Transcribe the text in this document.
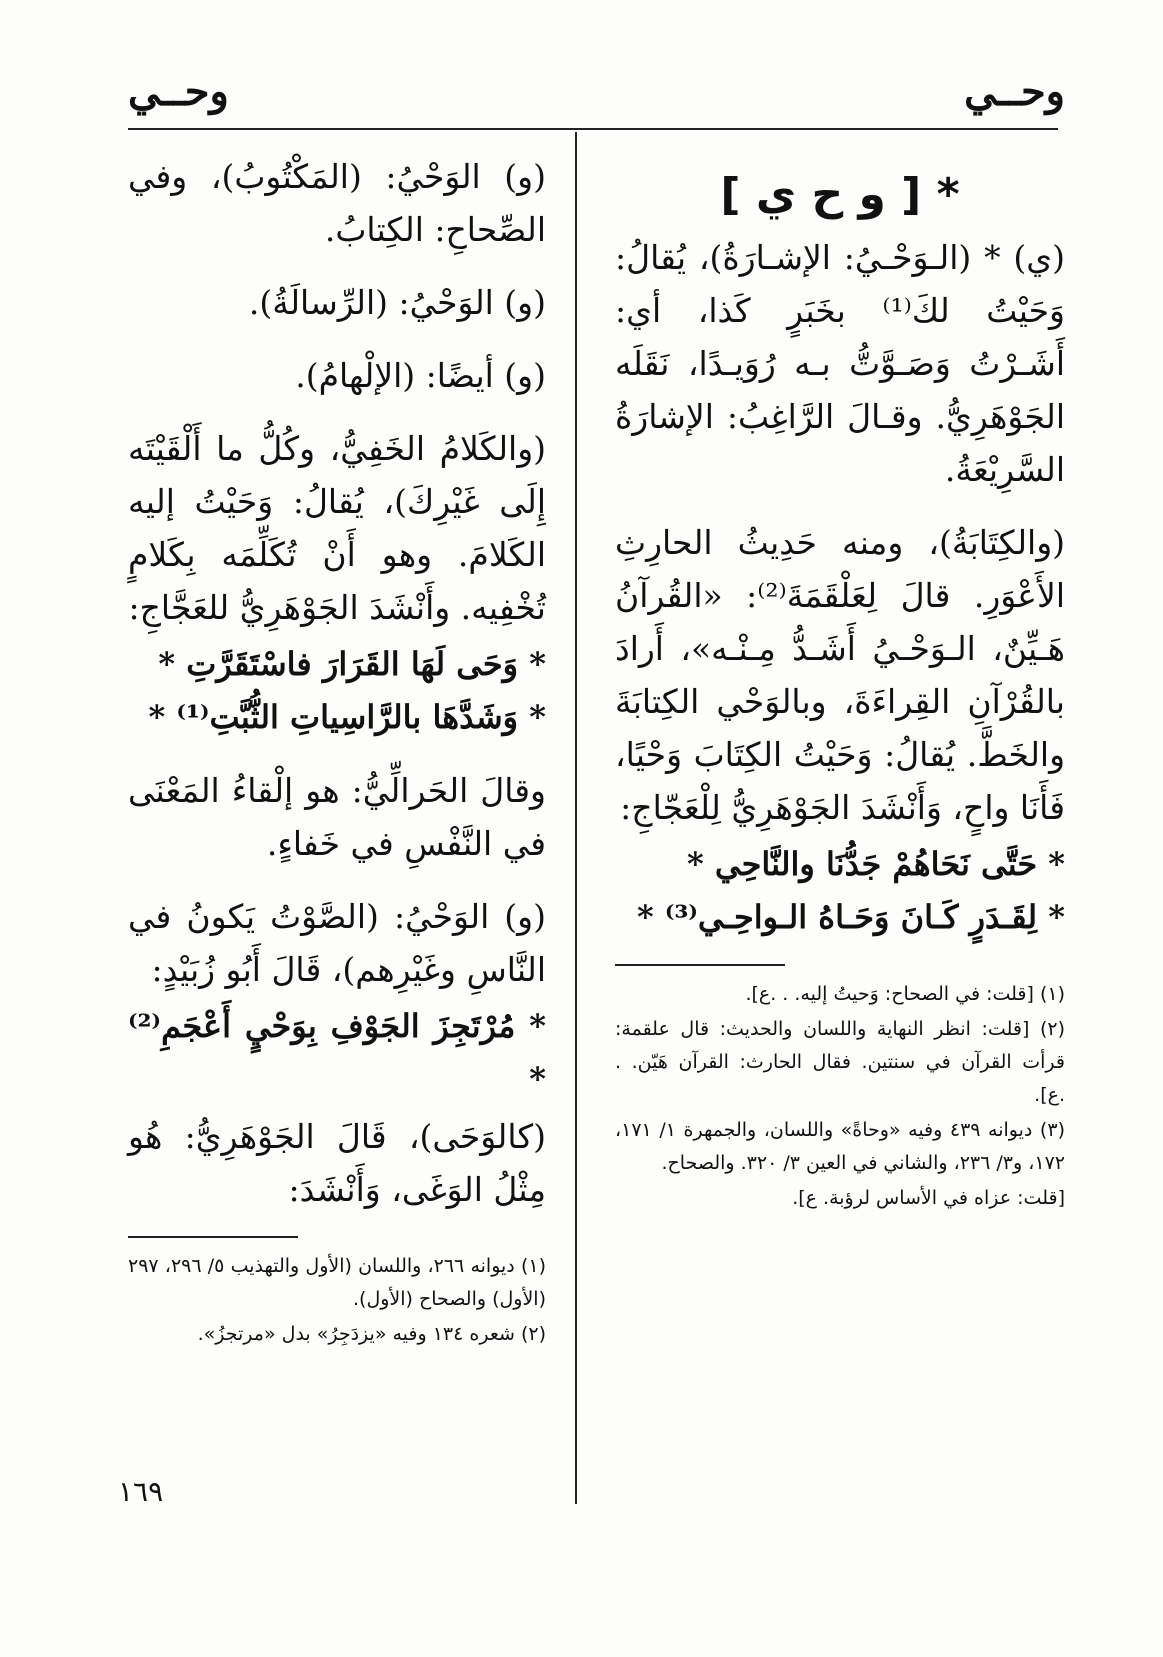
وحــي
وحــي
* [ و ح ي ]

(ي) * (الـوَحْـيُ: الإشـارَةُ)، يُقالُ: وَحَيْتُ لكَ⁽¹⁾ بخَبَرٍ كَذا، أي: أَشَـرْتُ وَصَـوَّتُّ بـه رُوَيـدًا، نَقَلَه الجَوْهَرِيُّ. وقـالَ الرَّاغِبُ: الإشارَةُ السَّرِيْعَةُ.

(والكِتَابَةُ)، ومنه حَدِيثُ الحارِثِ الأَعْوَرِ. قالَ لِعَلْقَمَةَ⁽²⁾: «القُرآنُ هَـيِّنٌ، الـوَحْـيُ أَشَـدُّ مِـنْـه»، أَرادَ بالقُرْآنِ القِراءَةَ، وبالوَحْي الكِتابَةَ والخَطَّ. يُقالُ: وَحَيْتُ الكِتَابَ وَحْيًا، فَأَنَا واحٍ، وَأَنْشَدَ الجَوْهَرِيُّ لِلْعَجّاجِ:

* حَتَّى نَحَاهُمْ جَدُّنَا والنَّاحِي *

* لِقَـدَرٍ كَـانَ وَحَـاهُ الـواحِـي⁽³⁾ *

(١) [قلت: في الصحاح: وَحيتُ إليه. . .ع].

(٢) [قلت: انظر النهاية واللسان والحديث: قال علقمة: قرأت القرآن في سنتين. فقال الحارث: القرآن هَيّن. . .ع].

(٣) ديوانه ٤٣٩ وفيه «وحاةً» واللسان، والجمهرة ١/ ١٧١، ١٧٢، و٣/ ٢٣٦، والشاني في العين ٣/ ٣٢٠. والصحاح.

[قلت: عزاه في الأساس لرؤبة. ع].

(و) الوَحْيُ: (المَكْتُوبُ)، وفي الصِّحاحِ: الكِتابُ.

(و) الوَحْيُ: (الرِّسالَةُ).

(و) أيضًا: (الإلْهامُ).

(والكَلامُ الخَفِيُّ، وكُلُّ ما أَلْقَيْتَه إِلَى غَيْرِكَ)، يُقالُ: وَحَيْتُ إليه الكَلامَ. وهو أَنْ تُكَلِّمَه بِكَلامٍ تُخْفِيه. وأَنْشَدَ الجَوْهَرِيُّ للعَجَّاجِ:

* وَحَى لَهَا القَرَارَ فاسْتَقَرَّتِ *

* وَشَدَّهَا بالرَّاسِياتِ الثُّبَّتِ⁽¹⁾ *

وقالَ الحَرالِّيُّ: هو إلْقاءُ المَعْنَى في النَّفْسِ في خَفاءٍ.

(و) الوَحْيُ: (الصَّوْتُ يَكونُ في النَّاسِ وغَيْرِهم)، قَالَ أَبُو زُبَيْدٍ:

* مُرْتَجِزَ الجَوْفِ بِوَحْيٍ أَعْجَمِ⁽²⁾ *

(كالوَحَى)، قَالَ الجَوْهَرِيُّ: هُو مِثْلُ الوَغَى، وَأَنْشَدَ:

(١) ديوانه ٢٦٦، واللسان (الأول والتهذيب ٥/ ٢٩٦، ٢٩٧ (الأول) والصحاح (الأول).

(٢) شعره ١٣٤ وفيه «يزدَجِرُ» بدل «مرتجزُ».

١٦٩
